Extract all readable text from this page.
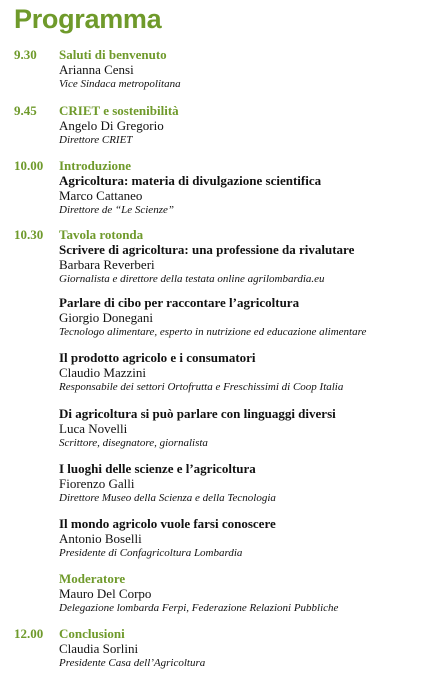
Programma
9.30 Saluti di benvenuto
Arianna Censi
Vice Sindaca metropolitana
9.45 CRIET e sostenibilità
Angelo Di Gregorio
Direttore CRIET
10.00 Introduzione
Agricoltura: materia di divulgazione scientifica
Marco Cattaneo
Direttore de “Le Scienze”
10.30 Tavola rotonda
Scrivere di agricoltura: una professione da rivalutare
Barbara Reverberi
Giornalista e direttore della testata online agrilombardia.eu
Parlare di cibo per raccontare l’agricoltura
Giorgio Donegani
Tecnologo alimentare, esperto in nutrizione ed educazione alimentare
Il prodotto agricolo e i consumatori
Claudio Mazzini
Responsabile dei settori Ortofrutta e Freschissimi di Coop Italia
Di agricoltura si può parlare con linguaggi diversi
Luca Novelli
Scrittore, disegnatore, giornalista
I luoghi delle scienze e l’agricoltura
Fiorenzo Galli
Direttore Museo della Scienza e della Tecnologia
Il mondo agricolo vuole farsi conoscere
Antonio Boselli
Presidente di Confagricoltura Lombardia
Moderatore
Mauro Del Corpo
Delegazione lombarda Ferpi, Federazione Relazioni Pubbliche
12.00 Conclusioni
Claudia Sorlini
Presidente Casa dell’Agricoltura
